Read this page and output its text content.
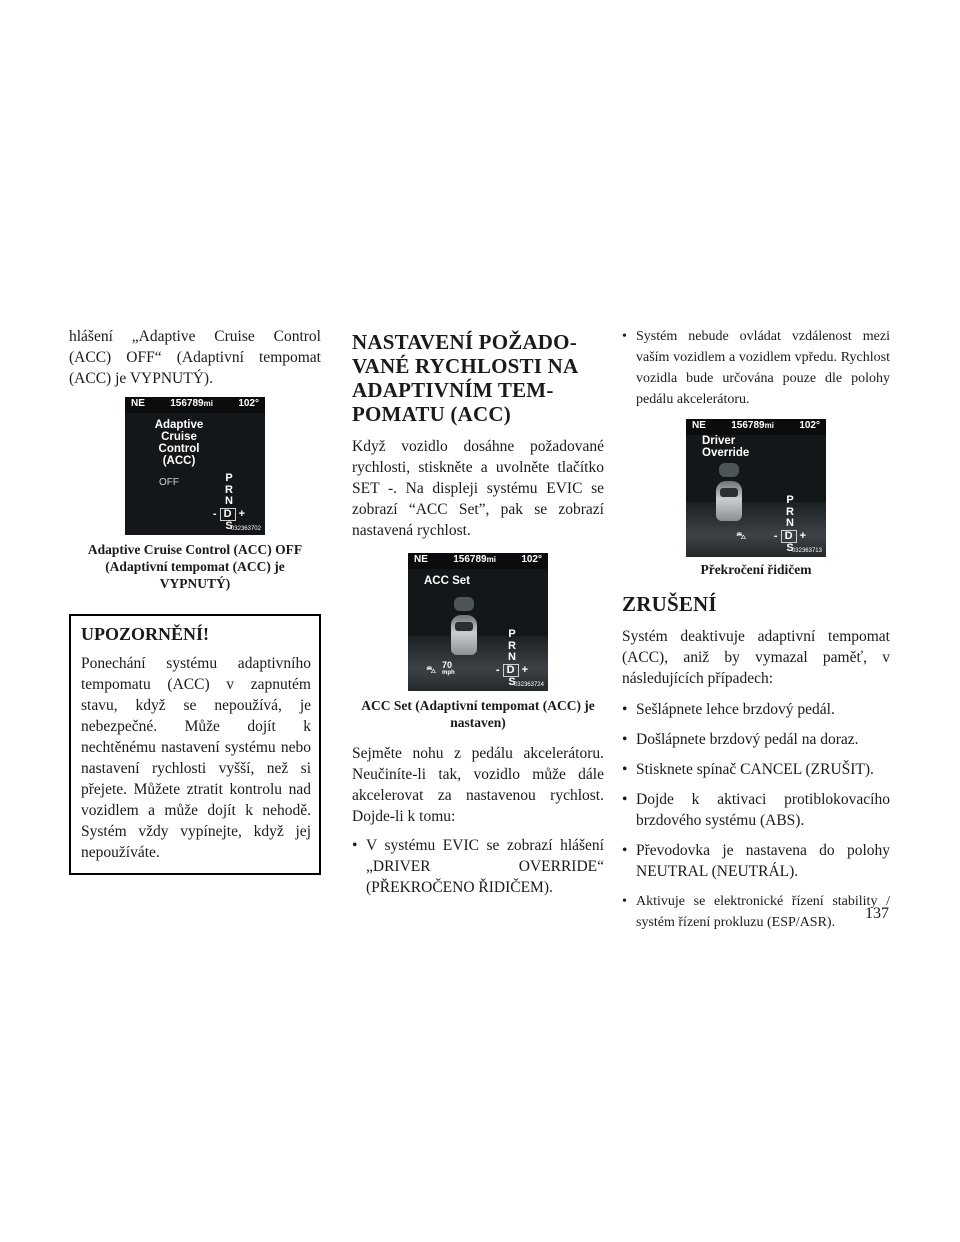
hlášení „Adaptive Cruise Control (ACC) OFF“ (Adaptivní tempomat (ACC) je VYPNUTÝ).

NE	156789mi	102°
Adaptive
Cruise
Control
(ACC)
OFF	P
R
N
- D +
S
032363702
Adaptive Cruise Control (ACC) OFF
(Adaptivní tempomat (ACC) je
VYPNUTÝ)
UPOZORNĚNÍ!

Ponechání systému adaptivního tempomatu (ACC) v zapnutém stavu, když se nepoužívá, je nebezpečné. Může dojít k nechtěnému nastavení systému nebo nastavení rychlosti vyšší, než si přejete. Můžete ztratit kontrolu nad vozidlem a může dojít k nehodě. Systém vždy vypínejte, když jej nepoužíváte.

NASTAVENÍ POŽADO-
VANÉ RYCHLOSTI NA
ADAPTIVNÍM TEM-
POMATU (ACC)

Když vozidlo dosáhne požadované rychlosti, stiskněte a uvolněte tlačítko SET -. Na displeji systému EVIC se zobrazí “ACC Set”, pak se zobrazí nastavená rychlost.

NE	156789mi	102°
ACC Set
⛍ 70
mph
P
R
N
- D +
S
032363724
ACC Set (Adaptivní tempomat (ACC) je
nastaven)

Sejměte nohu z pedálu akcelerátoru. Neučiníte-li tak, vozidlo může dále akcelerovat za nastavenou rychlost. Dojde-li k tomu:

• V systému EVIC se zobrazí hlášení „DRIVER OVERRIDE“ (PŘEKROČENO ŘIDIČEM).
• Systém nebude ovládat vzdálenost mezi vaším vozidlem a vozidlem vpředu. Rychlost vozidla bude určována pouze dle polohy pedálu akcelerátoru.
NE	156789mi	102°
Driver
Override
⛍
P
R
N
- D +
S
032363713
Překročení řidičem
ZRUŠENÍ

Systém deaktivuje adaptivní tempomat (ACC), aniž by vymazal paměť, v následujících případech:

• Sešlápnete lehce brzdový pedál.
• Došlápnete brzdový pedál na doraz.
• Stisknete spínač CANCEL (ZRUŠIT).
• Dojde k aktivaci protiblokovacího brzdového systému (ABS).
• Převodovka je nastavena do polohy NEUTRAL (NEUTRÁL).
• Aktivuje se elektronické řízení stability / systém řízení prokluzu (ESP/ASR).
137
